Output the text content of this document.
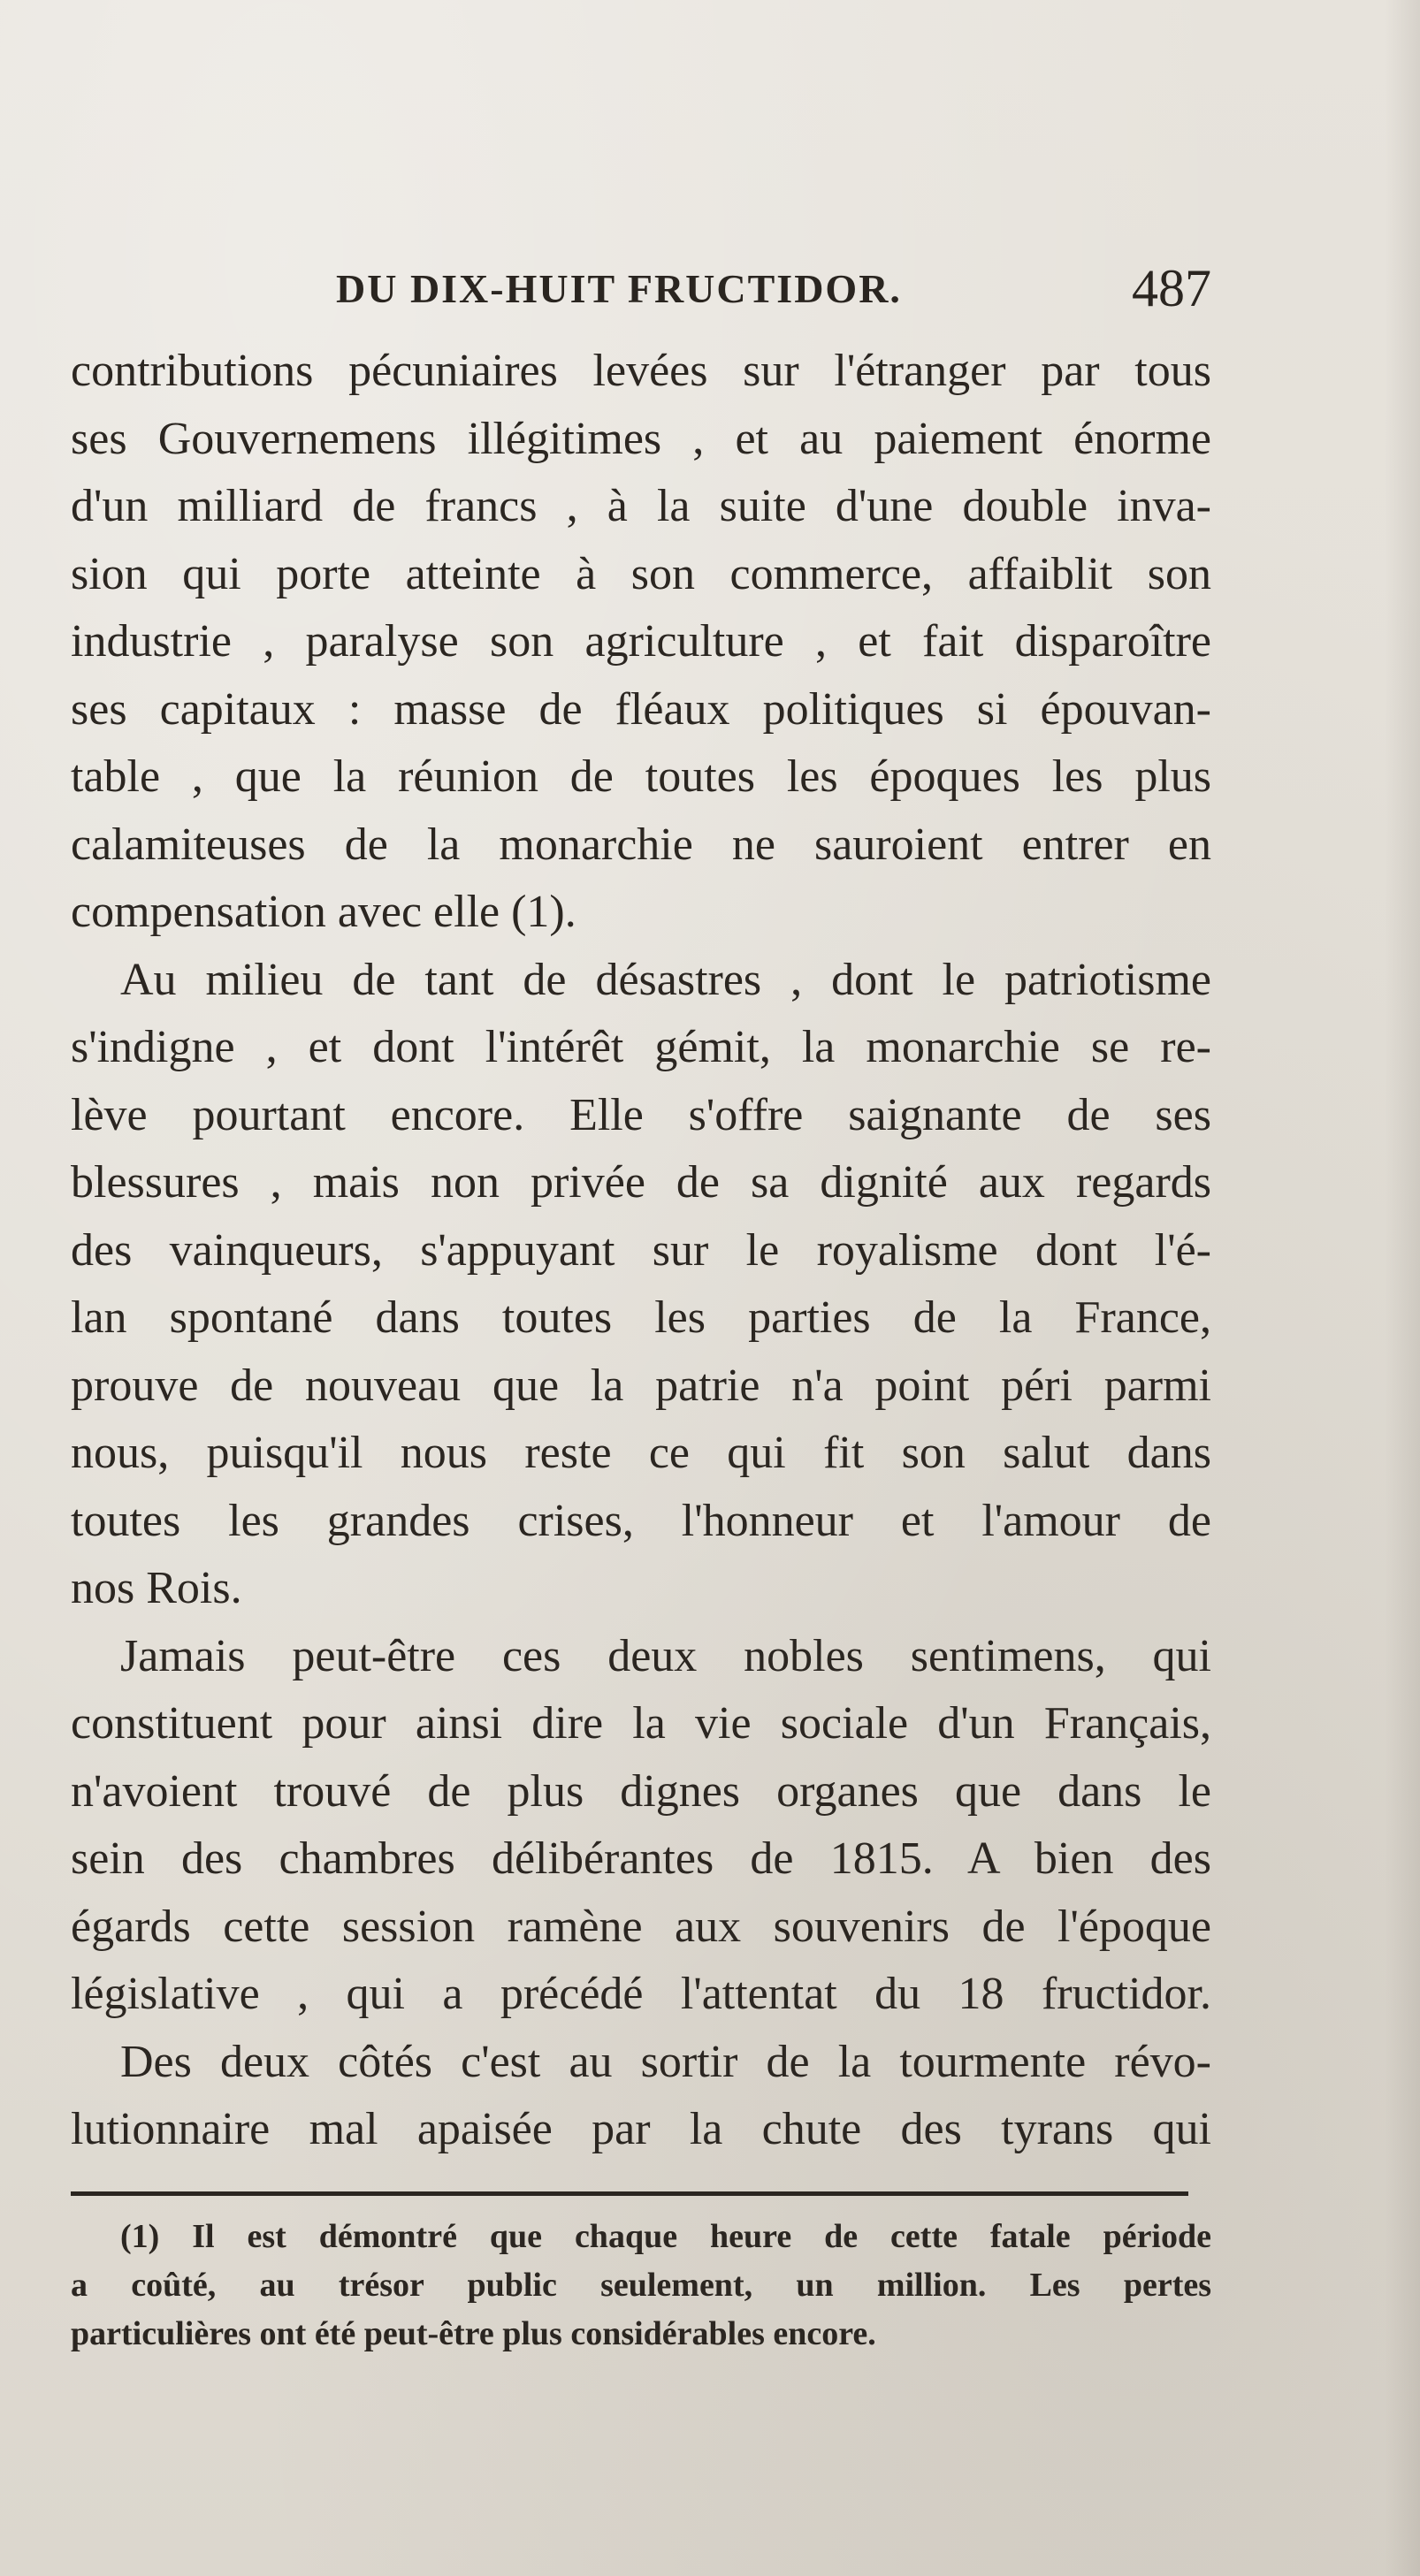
DU DIX-HUIT FRUCTIDOR.	487
contributions pécuniaires levées sur l'étranger par tous
ses Gouvernemens illégitimes , et au paiement énorme
d'un milliard de francs , à la suite d'une double inva-
sion qui porte atteinte à son commerce, affaiblit son
industrie , paralyse son agriculture , et fait disparoître
ses capitaux : masse de fléaux politiques si épouvan-
table , que la réunion de toutes les époques les plus
calamiteuses de la monarchie ne sauroient entrer en
compensation avec elle (1).
Au milieu de tant de désastres , dont le patriotisme
s'indigne , et dont l'intérêt gémit, la monarchie se re-
lève pourtant encore. Elle s'offre saignante de ses
blessures , mais non privée de sa dignité aux regards
des vainqueurs, s'appuyant sur le royalisme dont l'é-
lan spontané dans toutes les parties de la France,
prouve de nouveau que la patrie n'a point péri parmi
nous, puisqu'il nous reste ce qui fit son salut dans
toutes les grandes crises, l'honneur et l'amour de
nos Rois.
Jamais peut-être ces deux nobles sentimens, qui
constituent pour ainsi dire la vie sociale d'un Français,
n'avoient trouvé de plus dignes organes que dans le
sein des chambres délibérantes de 1815. A bien des
égards cette session ramène aux souvenirs de l'époque
législative , qui a précédé l'attentat du 18 fructidor.
Des deux côtés c'est au sortir de la tourmente révo-
lutionnaire mal apaisée par la chute des tyrans qui
(1) Il est démontré que chaque heure de cette fatale période
a coûté, au trésor public seulement, un million. Les pertes
particulières ont été peut-être plus considérables encore.
